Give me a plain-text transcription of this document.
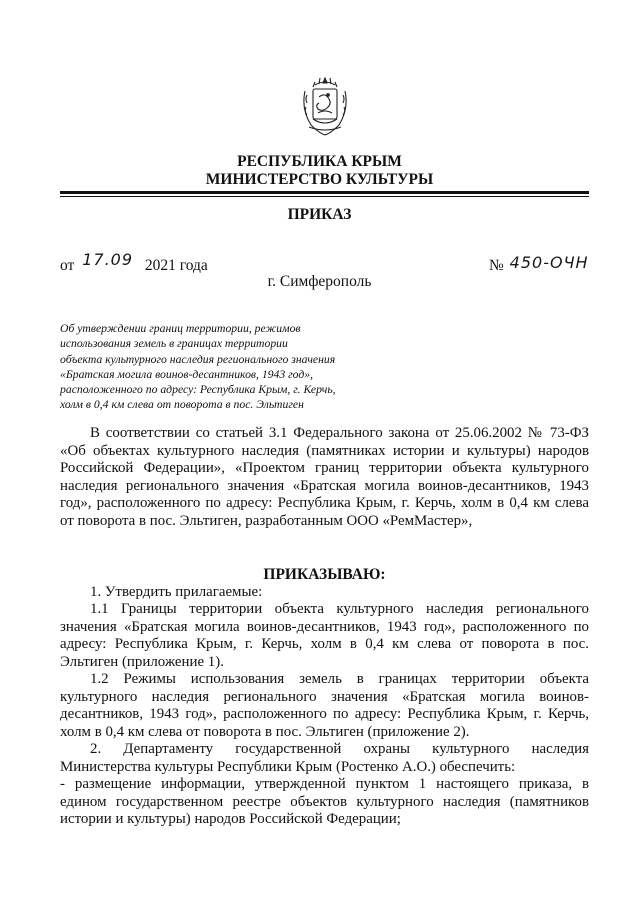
РЕСПУБЛИКА КРЫМ
МИНИСТЕРСТВО КУЛЬТУРЫ
ПРИКАЗ
от 17.09 2021 года	№ 450-ОЧН
г. Симферополь
Об утверждении границ территории, режимов
использования земель в границах территории
объекта культурного наследия регионального значения
«Братская могила воинов-десантников, 1943 год»,
расположенного по адресу: Республика Крым, г. Керчь,
холм в 0,4 км слева от поворота в пос. Эльтиген

В соответствии со статьей 3.1 Федерального закона от 25.06.2002 № 73-ФЗ «Об объектах культурного наследия (памятниках истории и культуры) народов Российской Федерации», «Проектом границ территории объекта культурного наследия регионального значения «Братская могила воинов-десантников, 1943 год», расположенного по адресу: Республика Крым, г. Керчь, холм в 0,4 км слева от поворота в пос. Эльтиген, разработанным ООО «РемМастер»,

ПРИКАЗЫВАЮ:

1. Утвердить прилагаемые:

1.1 Границы территории объекта культурного наследия регионального значения «Братская могила воинов-десантников, 1943 год», расположенного по адресу: Республика Крым, г. Керчь, холм в 0,4 км слева от поворота в пос. Эльтиген (приложение 1).

1.2 Режимы использования земель в границах территории объекта культурного наследия регионального значения «Братская могила воинов-десантников, 1943 год», расположенного по адресу: Республика Крым, г. Керчь, холм в 0,4 км слева от поворота в пос. Эльтиген (приложение 2).

2. Департаменту государственной охраны культурного наследия Министерства культуры Республики Крым (Ростенко А.О.) обеспечить:

- размещение информации, утвержденной пунктом 1 настоящего приказа, в едином государственном реестре объектов культурного наследия (памятников истории и культуры) народов Российской Федерации;
